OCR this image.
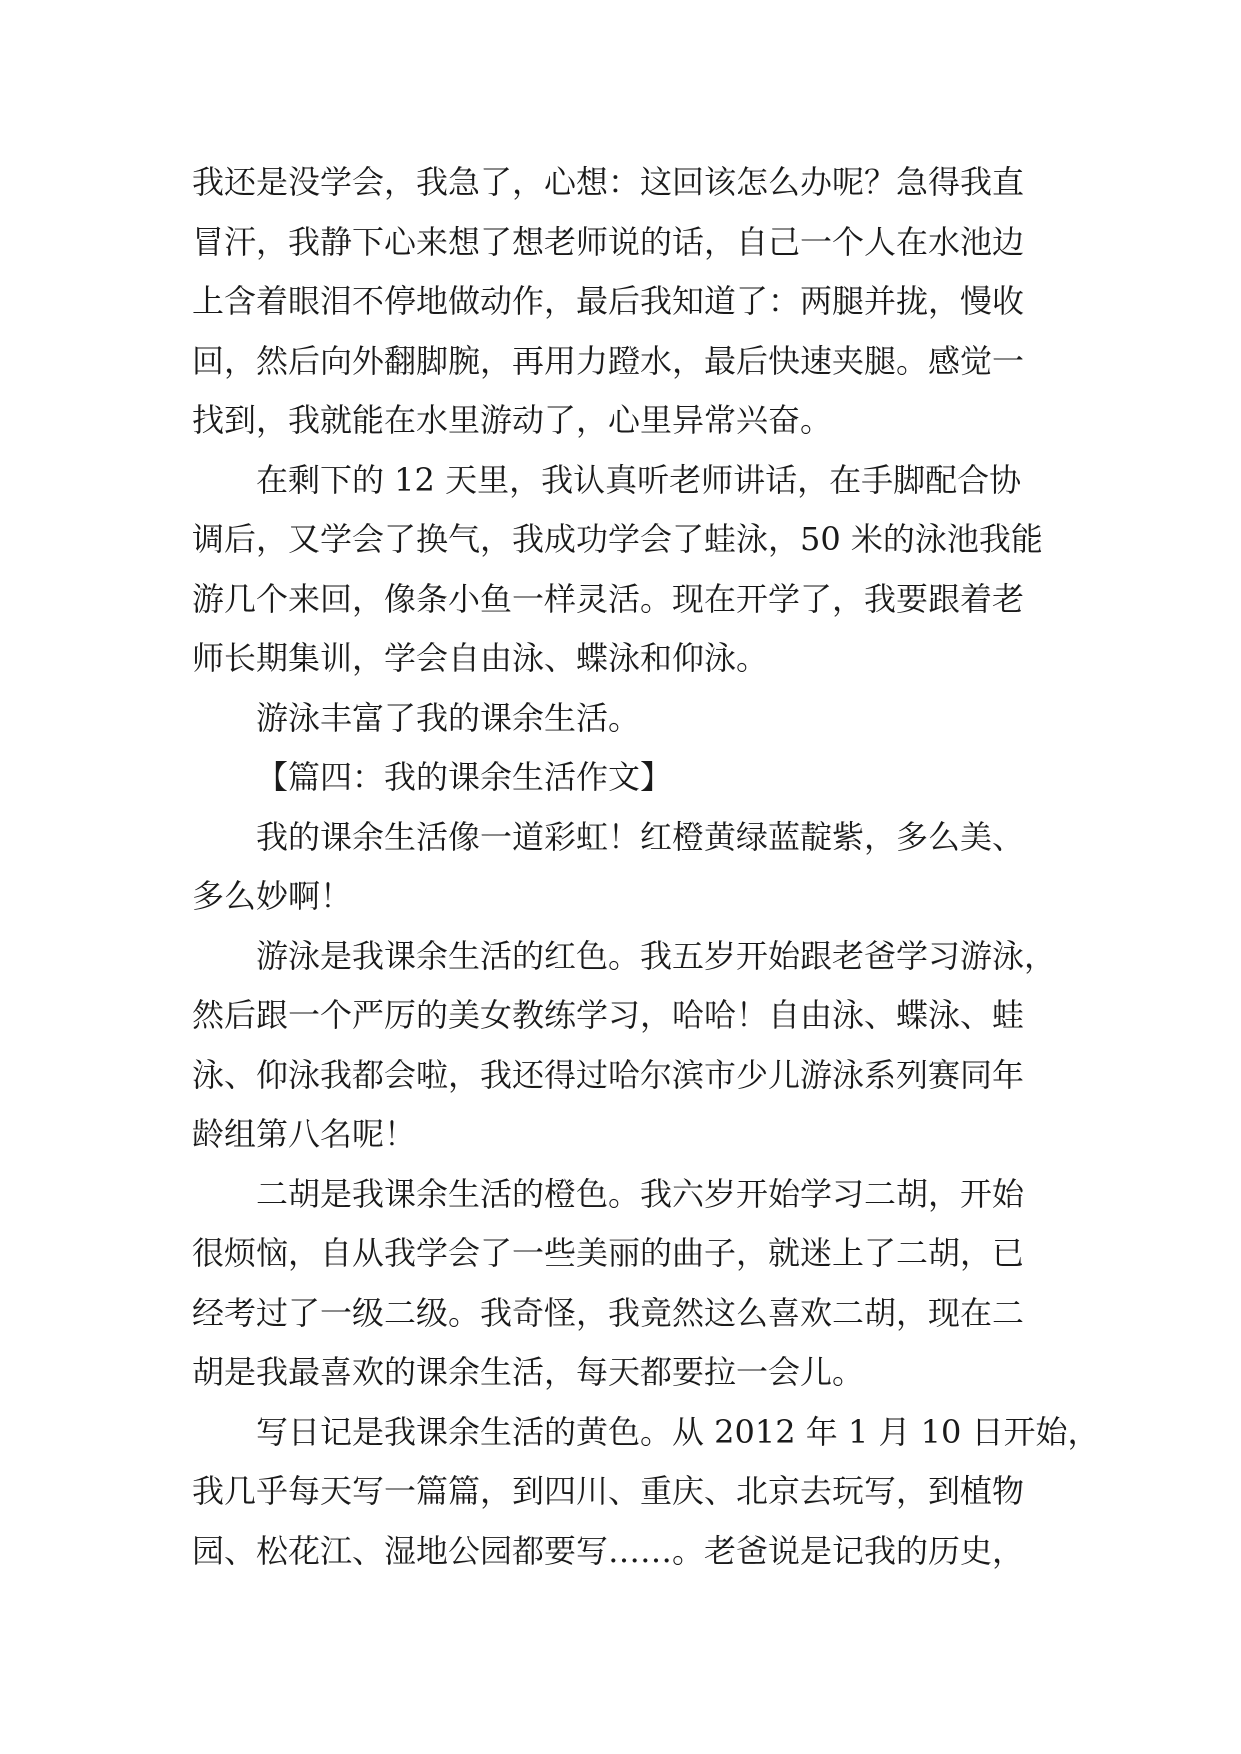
我还是没学会，我急了，心想：这回该怎么办呢？急得我直
冒汗，我静下心来想了想老师说的话，自己一个人在水池边
上含着眼泪不停地做动作，最后我知道了：两腿并拢，慢收
回，然后向外翻脚腕，再用力蹬水，最后快速夹腿。感觉一
找到，我就能在水里游动了，心里异常兴奋。
在剩下的 12 天里，我认真听老师讲话，在手脚配合协
调后，又学会了换气，我成功学会了蛙泳，50 米的泳池我能
游几个来回，像条小鱼一样灵活。现在开学了，我要跟着老
师长期集训，学会自由泳、蝶泳和仰泳。
游泳丰富了我的课余生活。
【篇四：我的课余生活作文】
我的课余生活像一道彩虹！红橙黄绿蓝靛紫，多么美、
多么妙啊！
游泳是我课余生活的红色。我五岁开始跟老爸学习游泳，
然后跟一个严厉的美女教练学习，哈哈！自由泳、蝶泳、蛙
泳、仰泳我都会啦，我还得过哈尔滨市少儿游泳系列赛同年
龄组第八名呢！
二胡是我课余生活的橙色。我六岁开始学习二胡，开始
很烦恼，自从我学会了一些美丽的曲子，就迷上了二胡，已
经考过了一级二级。我奇怪，我竟然这么喜欢二胡，现在二
胡是我最喜欢的课余生活，每天都要拉一会儿。
写日记是我课余生活的黄色。从 2012 年 1 月 10 日开始，
我几乎每天写一篇篇，到四川、重庆、北京去玩写，到植物
园、松花江、湿地公园都要写……。老爸说是记我的历史，
